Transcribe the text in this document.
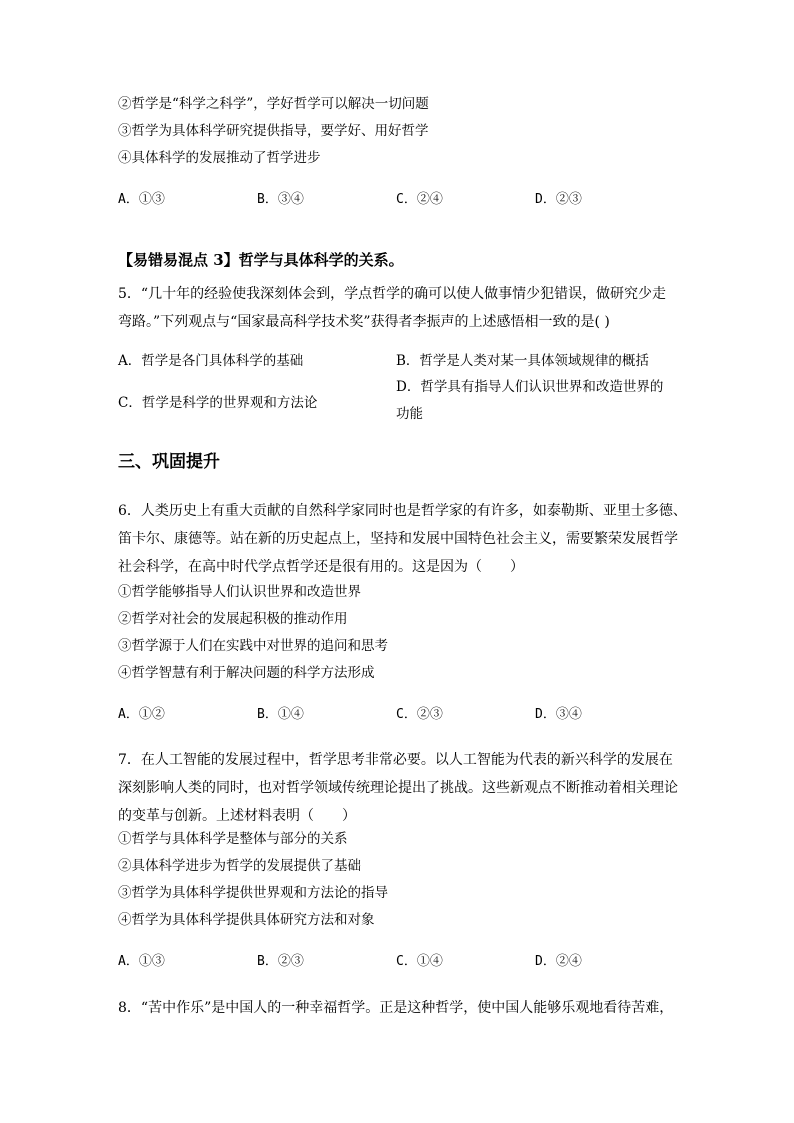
②哲学是“科学之科学”，学好哲学可以解决一切问题
③哲学为具体科学研究提供指导，要学好、用好哲学
④具体科学的发展推动了哲学进步
A．①③	B．③④	C．②④	D．②③
【易错易混点 3】哲学与具体科学的关系。
5．“几十年的经验使我深刻体会到，学点哲学的确可以使人做事情少犯错误，做研究少走
弯路。”下列观点与“国家最高科学技术奖”获得者李振声的上述感悟相一致的是( )
A．哲学是各门具体科学的基础	B．哲学是人类对某一具体领域规律的概括
C．哲学是科学的世界观和方法论
D．哲学具有指导人们认识世界和改造世界的
功能
三、巩固提升
6．人类历史上有重大贡献的自然科学家同时也是哲学家的有许多，如泰勒斯、亚里士多德、
笛卡尔、康德等。站在新的历史起点上，坚持和发展中国特色社会主义，需要繁荣发展哲学
社会科学，在高中时代学点哲学还是很有用的。这是因为（　　）
①哲学能够指导人们认识世界和改造世界
②哲学对社会的发展起积极的推动作用
③哲学源于人们在实践中对世界的追问和思考
④哲学智慧有利于解决问题的科学方法形成
A．①②	B．①④	C．②③	D．③④
7．在人工智能的发展过程中，哲学思考非常必要。以人工智能为代表的新兴科学的发展在
深刻影响人类的同时，也对哲学领域传统理论提出了挑战。这些新观点不断推动着相关理论
的变革与创新。上述材料表明（　　）
①哲学与具体科学是整体与部分的关系
②具体科学进步为哲学的发展提供了基础
③哲学为具体科学提供世界观和方法论的指导
④哲学为具体科学提供具体研究方法和对象
A．①③	B．②③	C．①④	D．②④
8．“苦中作乐”是中国人的一种幸福哲学。正是这种哲学，使中国人能够乐观地看待苦难，
